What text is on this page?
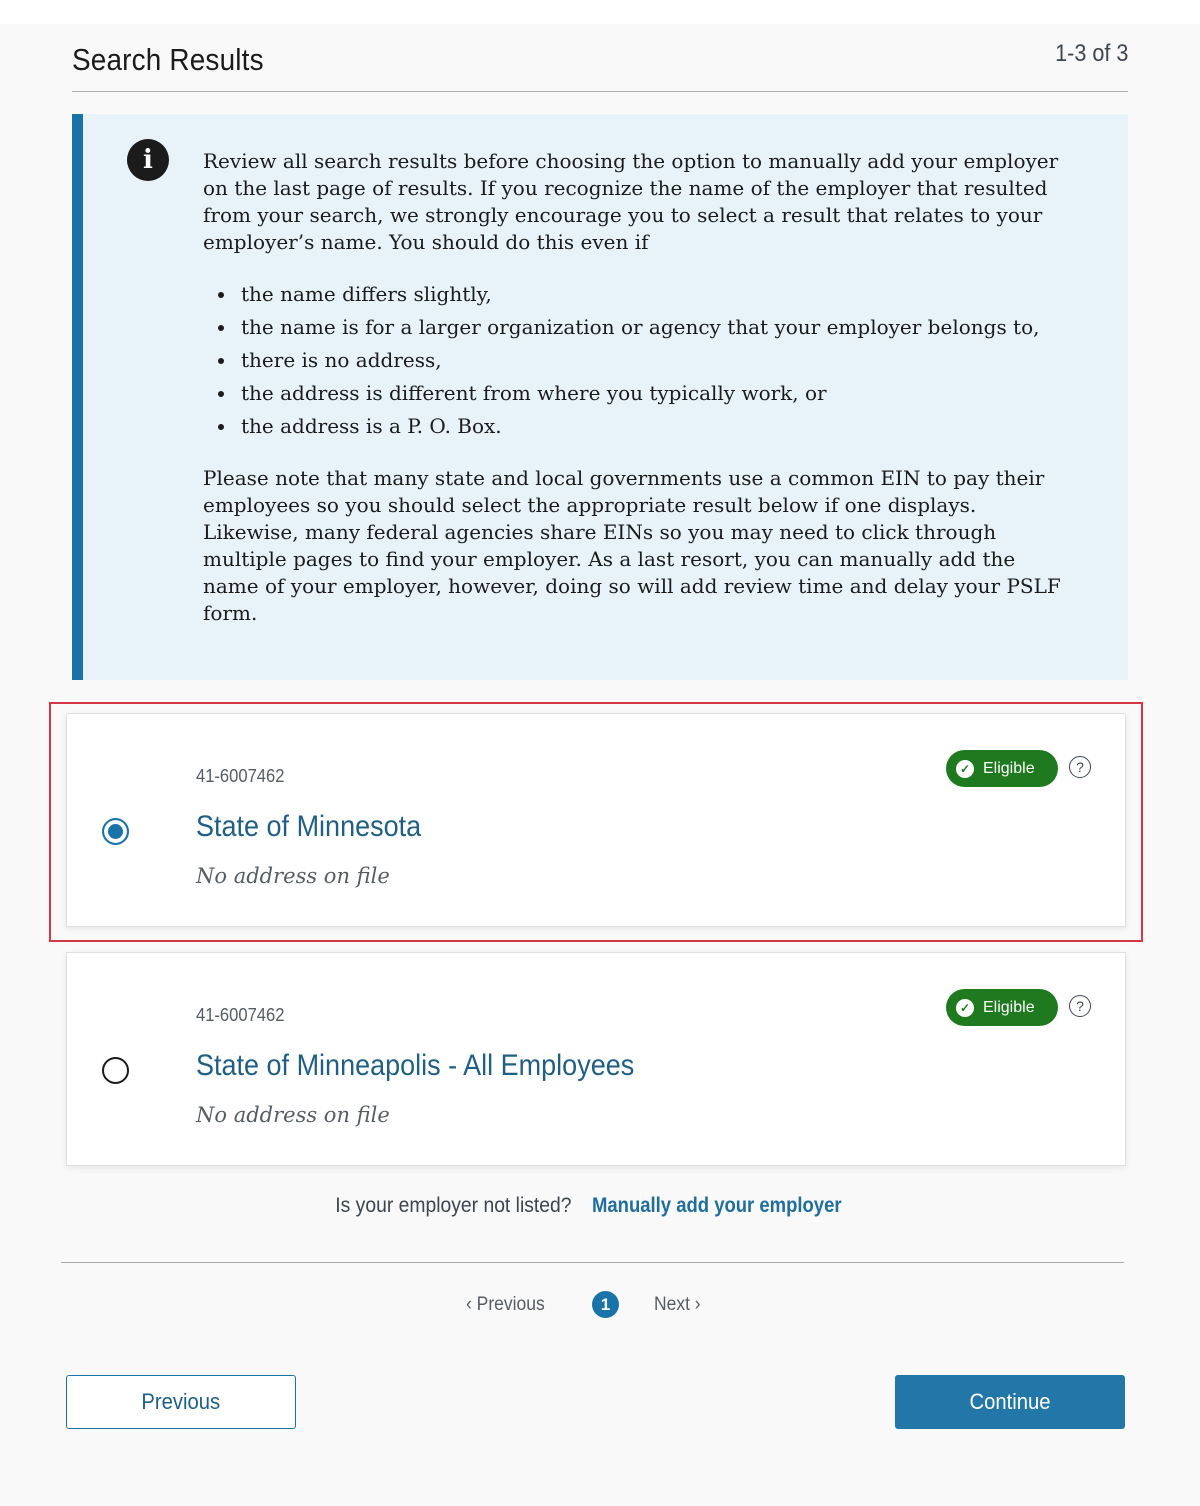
Search Results	1-3 of 3
i	Review all search results before choosing the option to manually add your employer on the last page of results. If you recognize the name of the employer that resulted from your search, we strongly encourage you to select a result that relates to your employer’s name. You should do this even if

• the name differs slightly,
• the name is for a larger organization or agency that your employer belongs to,
• there is no address,
• the address is different from where you typically work, or
• the address is a P. O. Box.

Please note that many state and local governments use a common EIN to pay their employees so you should select the appropriate result below if one displays. Likewise, many federal agencies share EINs so you may need to click through multiple pages to find your employer. As a last resort, you can manually add the name of your employer, however, doing so will add review time and delay your PSLF form.

41-6007462
State of Minnesota
No address on file
✓ Eligible	?
41-6007462
State of Minneapolis - All Employees
No address on file
✓ Eligible	?
Is your employer not listed? Manually add your employer
‹ Previous	1	Next ›
Previous	Continue
